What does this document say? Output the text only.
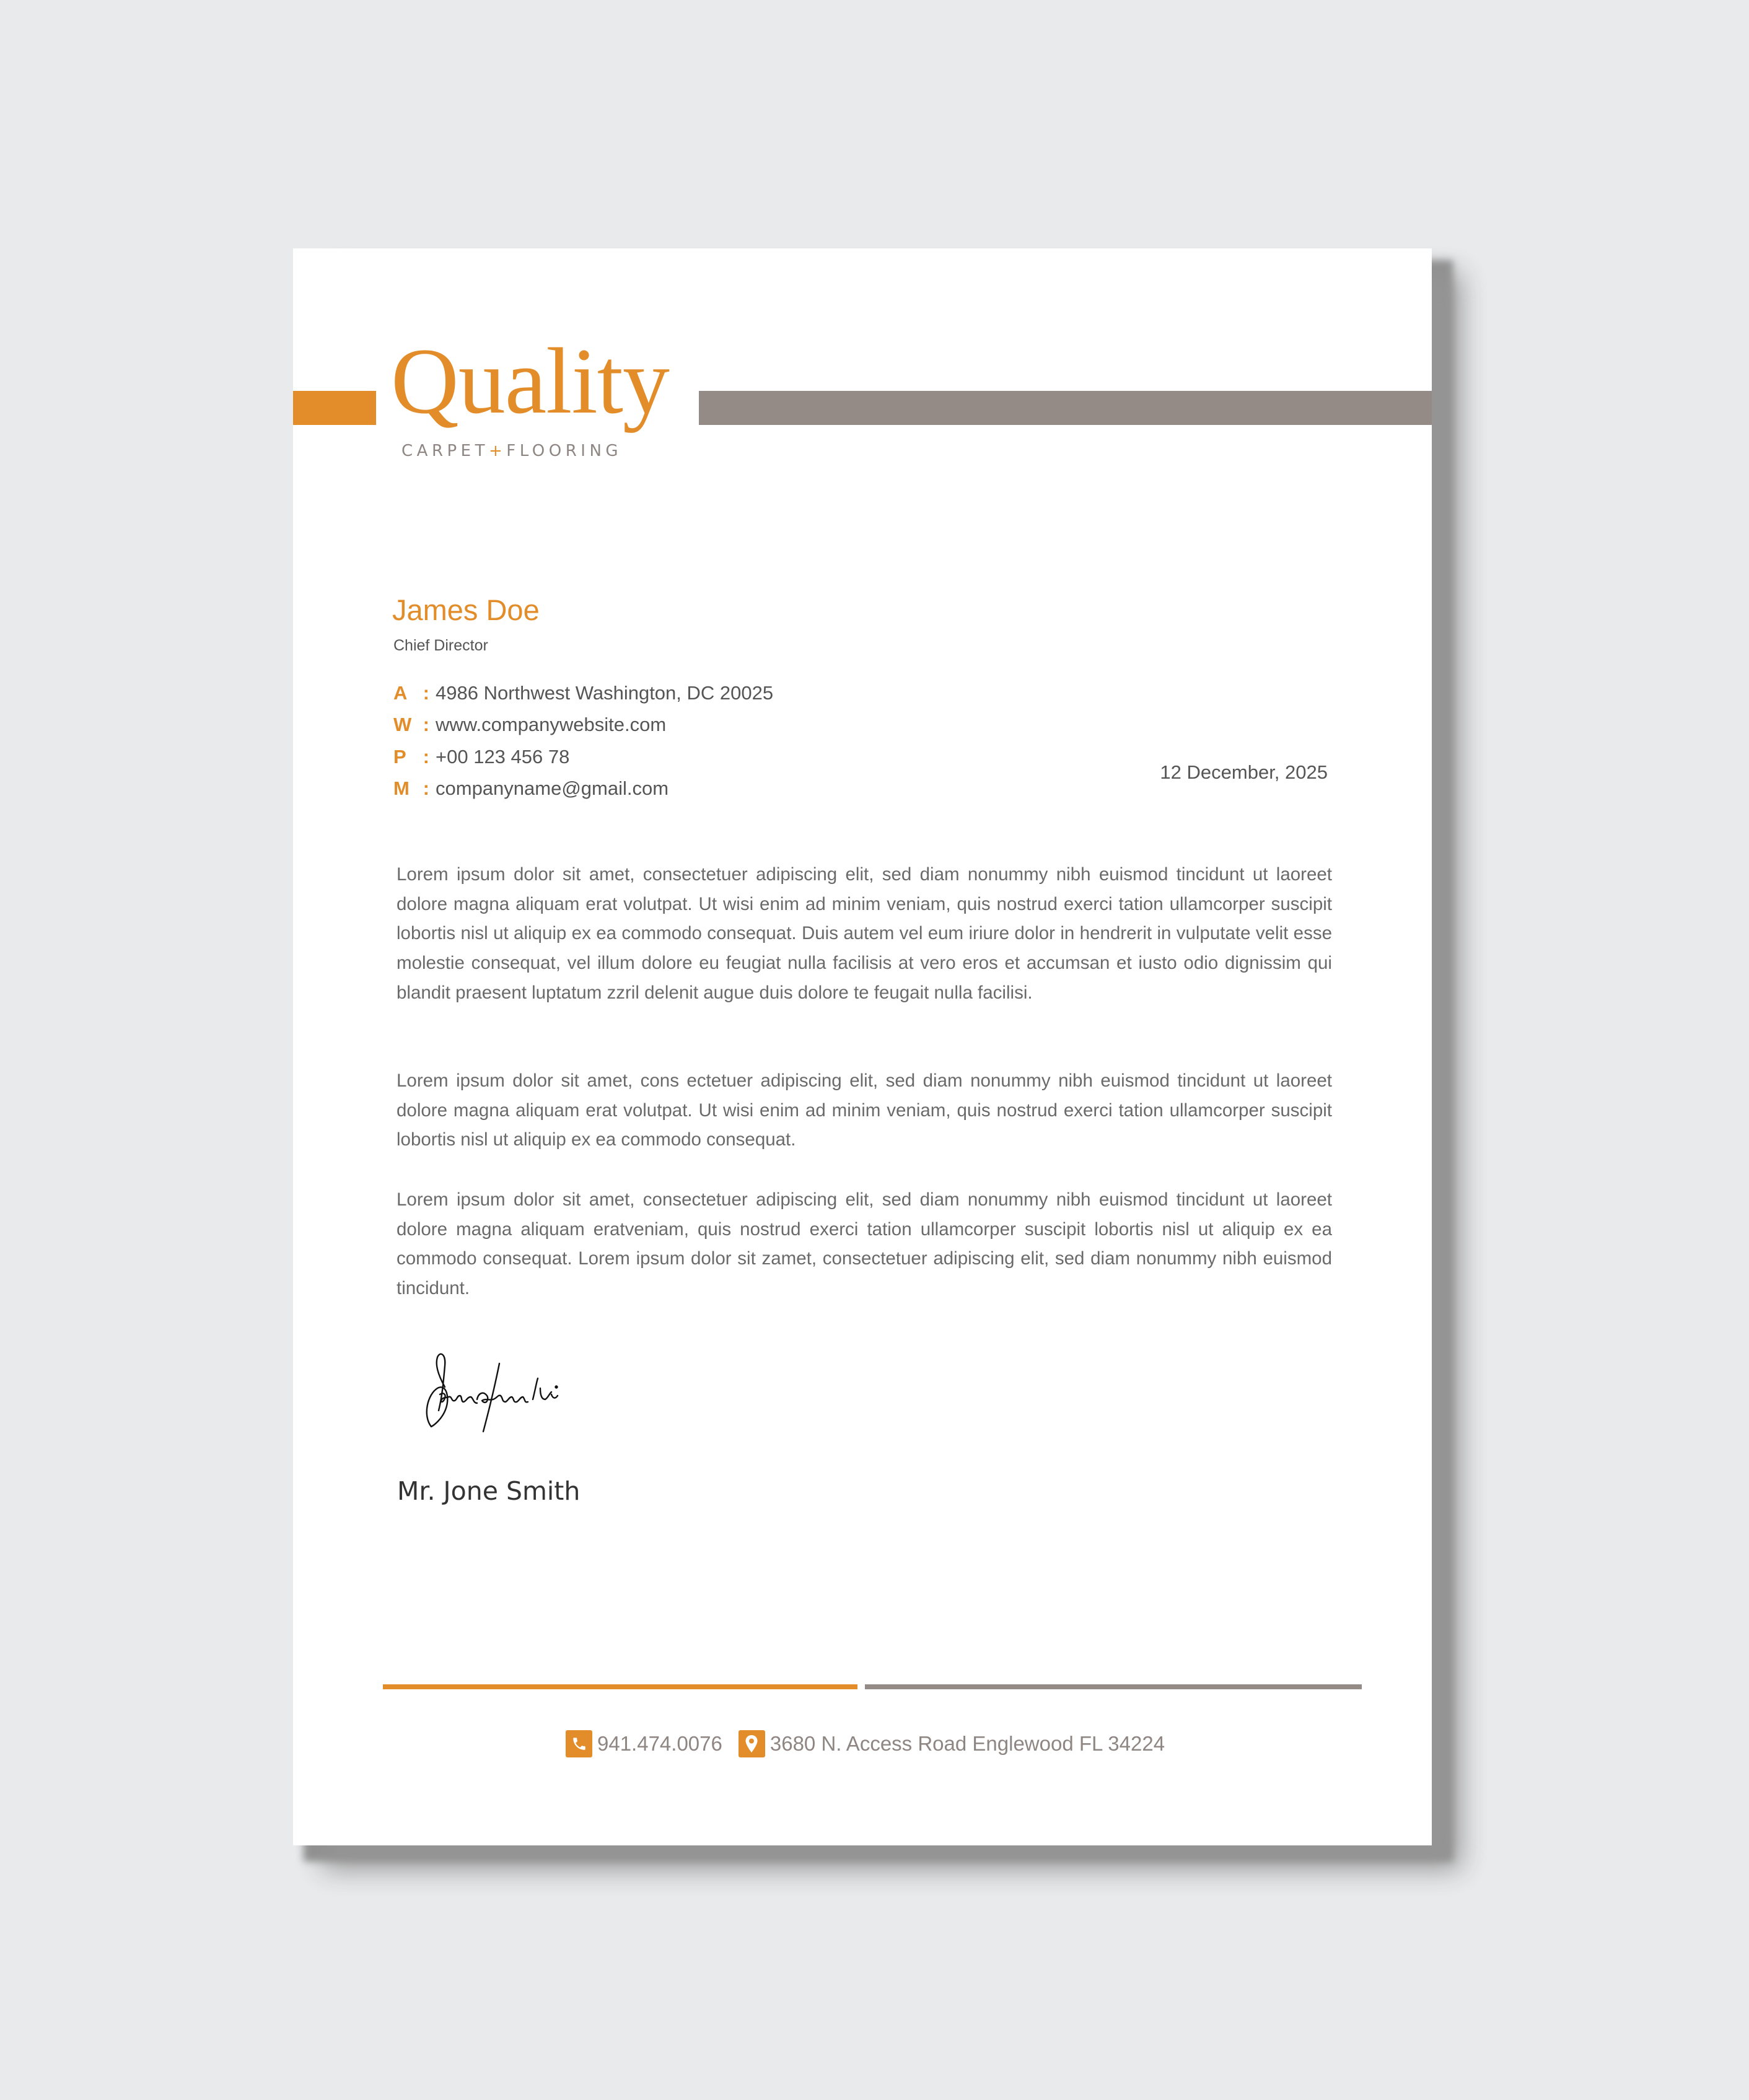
Quality
CARPET+FLOORING
James Doe
Chief Director
A : 4986 Northwest Washington, DC 20025
W : www.companywebsite.com
P : +00 123 456 78
M : companyname@gmail.com
12 December, 2025

Lorem ipsum dolor sit amet, consectetuer adipiscing elit, sed diam nonummy nibh euismod tincidunt ut laoreet dolore magna aliquam erat volutpat. Ut wisi enim ad minim veniam, quis nostrud exerci tation ullamcorper suscipit lobortis nisl ut aliquip ex ea commodo consequat. Duis autem vel eum iriure dolor in hendrerit in vulputate velit esse molestie consequat, vel illum dolore eu feugiat nulla facilisis at vero eros et accumsan et iusto odio dignissim qui blandit praesent luptatum zzril delenit augue duis dolore te feugait nulla facilisi.

Lorem ipsum dolor sit amet, cons ectetuer adipiscing elit, sed diam nonummy nibh euismod tincidunt ut laoreet dolore magna aliquam erat volutpat. Ut wisi enim ad minim veniam, quis nostrud exerci tation ullamcorper suscipit lobortis nisl ut aliquip ex ea commodo consequat.

Lorem ipsum dolor sit amet, consectetuer adipiscing elit, sed diam nonummy nibh euismod tincidunt ut laoreet dolore magna aliquam eratveniam, quis nostrud exerci tation ullamcorper suscipit lobortis nisl ut aliquip ex ea commodo consequat. Lorem ipsum dolor sit zamet, consectetuer adipiscing elit, sed diam nonummy nibh euismod tincidunt.

Mr. Jone Smith
941.474.0076 3680 N. Access Road Englewood FL 34224
